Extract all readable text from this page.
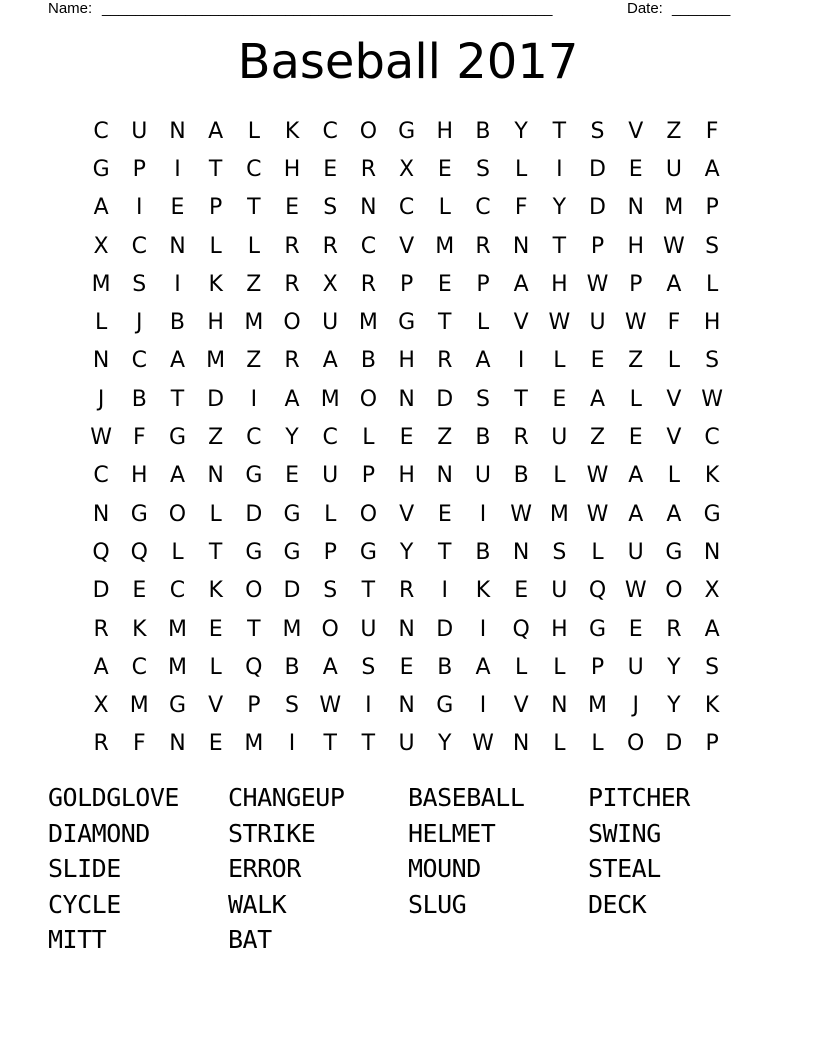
Name: ______________________________________________________	Date: _______
Baseball 2017
C	U N	A	L	K	C O G H	B	Y	T	S	V	Z	F
G	P	I	T	C	H	E	R	X	E	S	L	I	D	E	U	A
A	I	E	P	T	E	S	N	C	L	C	F	Y	D N M	P
X	C	N	L	L	R	R	C	V M R	N	T	P	H W S
M S	I	K	Z	R	X	R	P	E	P	A	H W P	A	L
L	J	B	H M O U M G	T	L	V W U W F	H
N	C	A M Z	R	A	B	H	R	A	I	L	E	Z	L	S
J	B	T	D	I	A M O N D	S	T	E	A	L	V W
W F	G	Z	C	Y	C	L	E	Z	B	R	U	Z	E	V	C
C	H	A	N G	E	U	P	H N U	B	L W A	L	K
N G O	L	D G	L	O	V	E	I	W M W A	A	G
Q Q	L	T	G G	P	G	Y	T	B	N	S	L	U G N
D	E	C	K	O D	S	T	R	I	K	E	U Q W O X
R	K M E	T M O U N D	I	Q H G	E	R	A
A	C M	L	Q B	A	S	E	B	A	L	L	P	U	Y	S
X M G	V	P	S W	I	N G	I	V	N M	J	Y	K
R	F	N	E M	I	T	T	U	Y W N	L	L	O D	P
GOLDGLOVE	CHANGEUP	BASEBALL	PITCHER
DIAMOND	STRIKE	HELMET	SWING
SLIDE	ERROR	MOUND	STEAL
CYCLE	WALK	SLUG	DECK
MITT	BAT
